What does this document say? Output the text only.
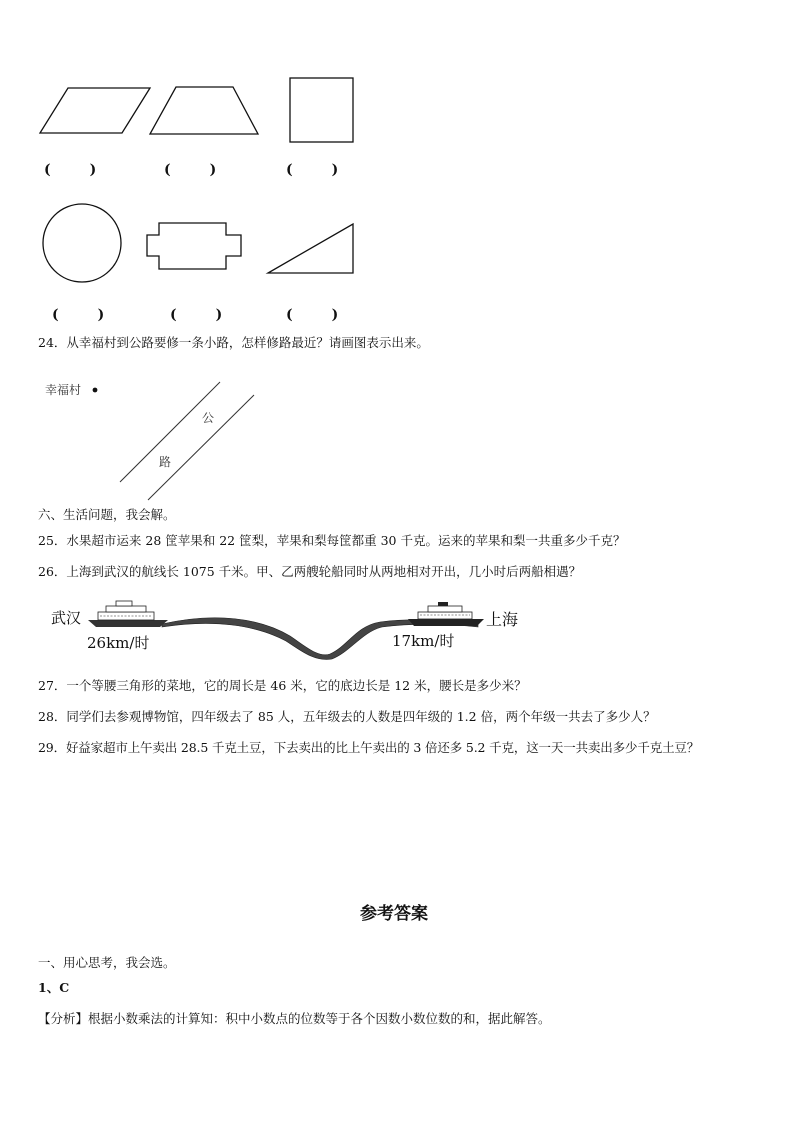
(        )	(        )	(        )
(        )	(        )	(        )
24．从幸福村到公路要修一条小路，怎样修路最近？请画图表示出来。
幸福村
公
路
六、生活问题，我会解。
25．水果超市运来 28 筐苹果和 22 筐梨，苹果和梨每筐都重 30 千克。运来的苹果和梨一共重多少千克？
26．上海到武汉的航线长 1075 千米。甲、乙两艘轮船同时从两地相对开出，几小时后两船相遇？
武汉	上海
26km/时	17km/时
27．一个等腰三角形的菜地，它的周长是 46 米，它的底边长是 12 米，腰长是多少米？
28．同学们去参观博物馆，四年级去了 85 人，五年级去的人数是四年级的 1.2 倍，两个年级一共去了多少人？
29．好益家超市上午卖出 28.5 千克土豆，下去卖出的比上午卖出的 3 倍还多 5.2 千克，这一天一共卖出多少千克土豆？
参考答案
一、用心思考，我会选。
1、C
【分析】根据小数乘法的计算知：积中小数点的位数等于各个因数小数位数的和，据此解答。
